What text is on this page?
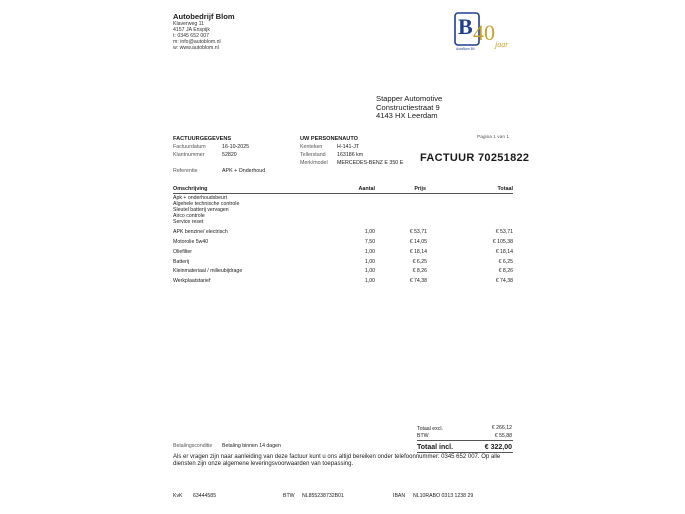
Autobedrijf Blom
Klaverweg 11
4157 JA Enspijk
t: 0345 652 007
m: info@autoblom.nl
w: www.autoblom.nl
B 40 jaar
AutoBlom BV
Stapper Automotive
Constructiestraat 9
4143 HX Leerdam
FACTUURGEGEVENS
Factuurdatum	16-10-2025
Klantnummer	52820
Referentie	APK + Onderhoud
UW PERSONENAUTO
Kenteken	H-141-JT
Tellerstand 163186 km
Merk/model MERCEDES-BENZ E 350 E
Pagina 1 van 1
FACTUUR 70251822
Omschrijving	Aantal	Prijs	Totaal
Apk + onderhoudsbeurt
Algehele technische controle
Sleutel batterij vervagen
Airco controle
Service reset
APK benzine/ electrisch	1,00	€ 53,71	€ 53,71
Motorolie 5w40	7,50	€ 14,05	€ 105,38
Oliefilter	1,00	€ 18,14	€ 18,14
Batterij	1,00	€ 6,25	€ 6,25
Kleinmateriaal / milieubijdrage	1,00	€ 8,26	€ 8,26
Werkplaatstarief	1,00	€ 74,38	€ 74,38
Totaal excl.	€ 266,12
BTW	€ 55,88
Totaal incl.	€ 322,00
Betalingsconditie Betaling binnen 14 dagen
Als er vragen zijn naar aanleiding van deze factuur kunt u ons altijd bereiken onder telefoonnummer: 0345 652 007. Op alle diensten zijn onze algemene leveringsvoorwaarden van toepassing.
KvK 63444585	BTW NL855238732B01	IBAN NL10RABO 0313 1238 29
